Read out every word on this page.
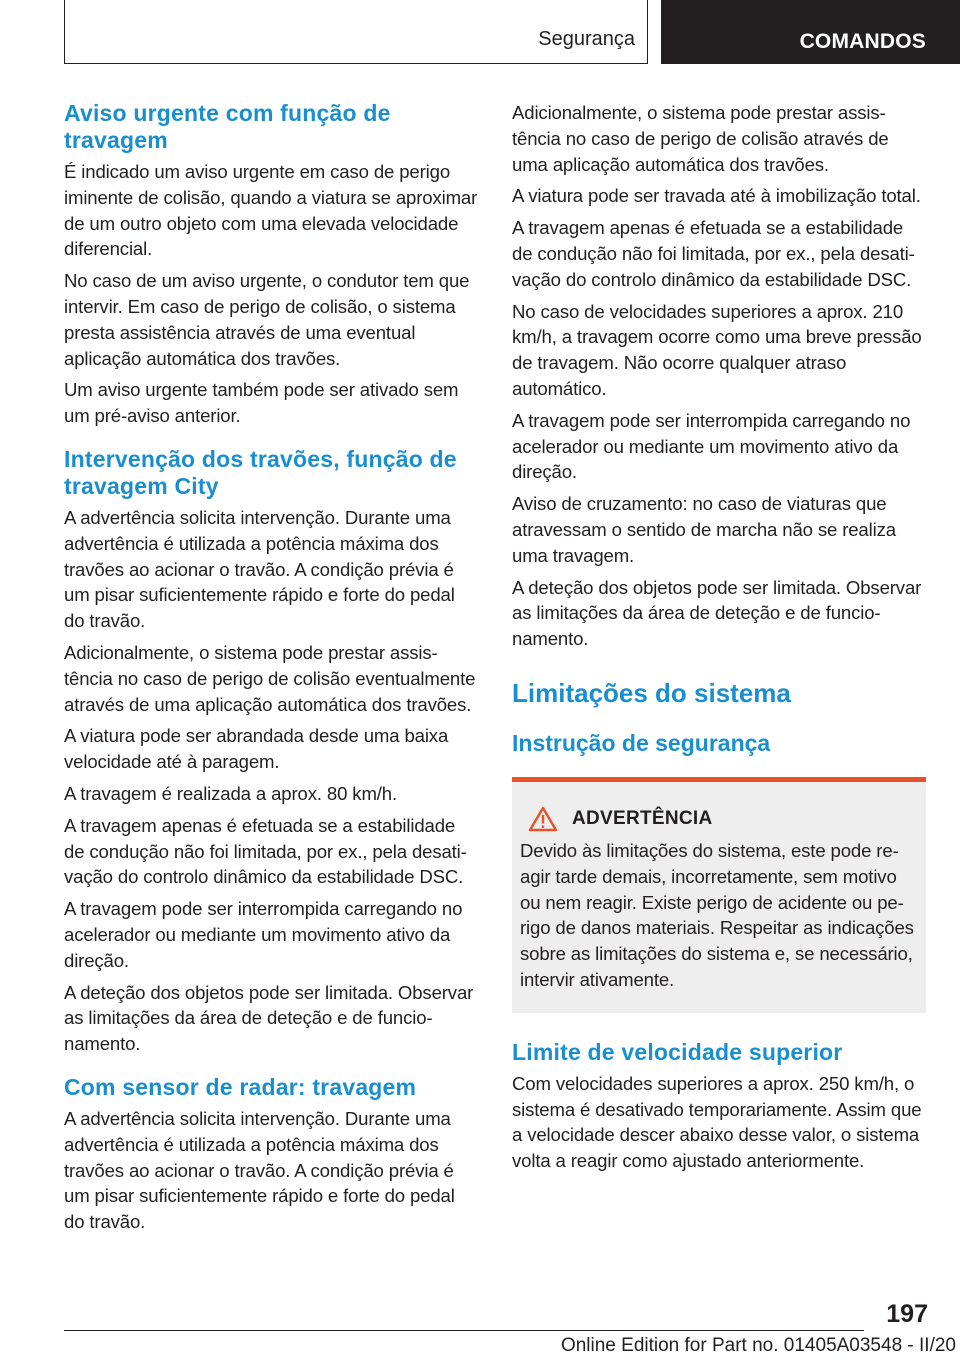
Segurança	COMANDOS
Aviso urgente com função de travagem

É indicado um aviso urgente em caso de perigo iminente de colisão, quando a viatura se aproximar de um outro objeto com uma elevada velocidade diferencial.

No caso de um aviso urgente, o condutor tem que intervir. Em caso de perigo de colisão, o sistema presta assistência através de uma eventual aplicação automática dos travões.

Um aviso urgente também pode ser ativado sem um pré-aviso anterior.

Intervenção dos travões, função de travagem City

A advertência solicita intervenção. Durante uma advertência é utilizada a potência máxima dos travões ao acionar o travão. A condição prévia é um pisar suficientemente rápido e forte do pedal do travão.

Adicionalmente, o sistema pode prestar assistência no caso de perigo de colisão eventualmente através de uma aplicação automática dos travões.

A viatura pode ser abrandada desde uma baixa velocidade até à paragem.

A travagem é realizada a aprox. 80 km/h.

A travagem apenas é efetuada se a estabilidade de condução não foi limitada, por ex., pela desativação do controlo dinâmico da estabilidade DSC.

A travagem pode ser interrompida carregando no acelerador ou mediante um movimento ativo da direção.

A deteção dos objetos pode ser limitada. Observar as limitações da área de deteção e de funcionamento.

Com sensor de radar: travagem

A advertência solicita intervenção. Durante uma advertência é utilizada a potência máxima dos travões ao acionar o travão. A condição prévia é um pisar suficientemente rápido e forte do pedal do travão.

Adicionalmente, o sistema pode prestar assistência no caso de perigo de colisão através de uma aplicação automática dos travões.

A viatura pode ser travada até à imobilização total.

A travagem apenas é efetuada se a estabilidade de condução não foi limitada, por ex., pela desativação do controlo dinâmico da estabilidade DSC.

No caso de velocidades superiores a aprox. 210 km/h, a travagem ocorre como uma breve pressão de travagem. Não ocorre qualquer atraso automático.

A travagem pode ser interrompida carregando no acelerador ou mediante um movimento ativo da direção.

Aviso de cruzamento: no caso de viaturas que atravessam o sentido de marcha não se realiza uma travagem.

A deteção dos objetos pode ser limitada. Observar as limitações da área de deteção e de funcionamento.

Limitações do sistema
Instrução de segurança
ADVERTÊNCIA

Devido às limitações do sistema, este pode reagir tarde demais, incorretamente, sem motivo ou nem reagir. Existe perigo de acidente ou perigo de danos materiais. Respeitar as indicações sobre as limitações do sistema e, se necessário, intervir ativamente.

Limite de velocidade superior

Com velocidades superiores a aprox. 250 km/h, o sistema é desativado temporariamente. Assim que a velocidade descer abaixo desse valor, o sistema volta a reagir como ajustado anteriormente.

197
Online Edition for Part no. 01405A03548 - II/20
